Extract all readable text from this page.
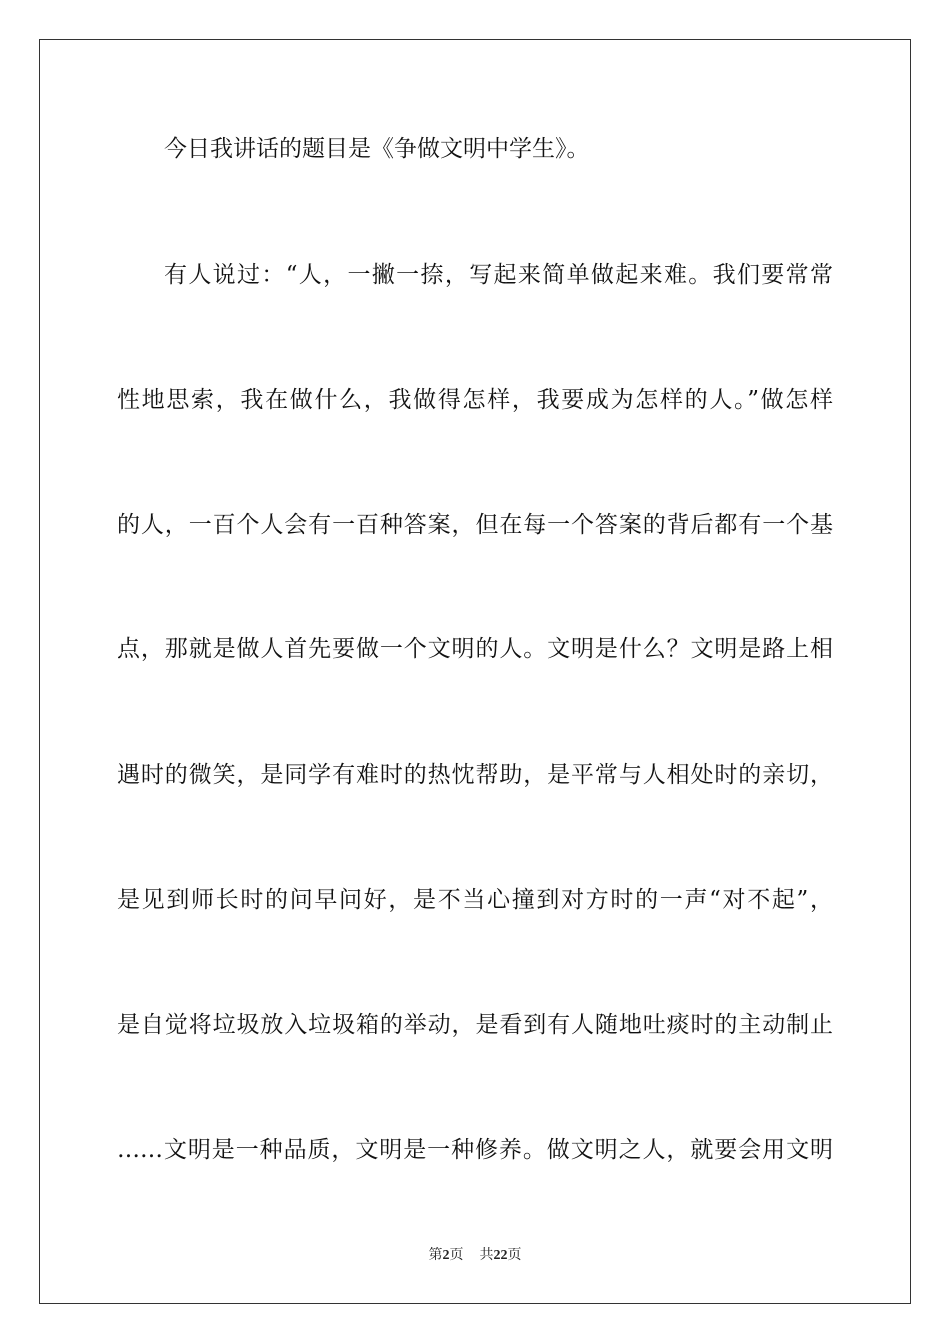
今日我讲话的题目是《争做文明中学生》。
有人说过：“人，一撇一捺，写起来简单做起来难。我们要常常
性地思索，我在做什么，我做得怎样，我要成为怎样的人。”做怎样
的人，一百个人会有一百种答案，但在每一个答案的背后都有一个基
点，那就是做人首先要做一个文明的人。文明是什么？文明是路上相
遇时的微笑，是同学有难时的热忱帮助，是平常与人相处时的亲切，
是见到师长时的问早问好，是不当心撞到对方时的一声“对不起”，
是自觉将垃圾放入垃圾箱的举动，是看到有人随地吐痰时的主动制止
……文明是一种品质，文明是一种修养。做文明之人，就要会用文明
第2页 共22页
